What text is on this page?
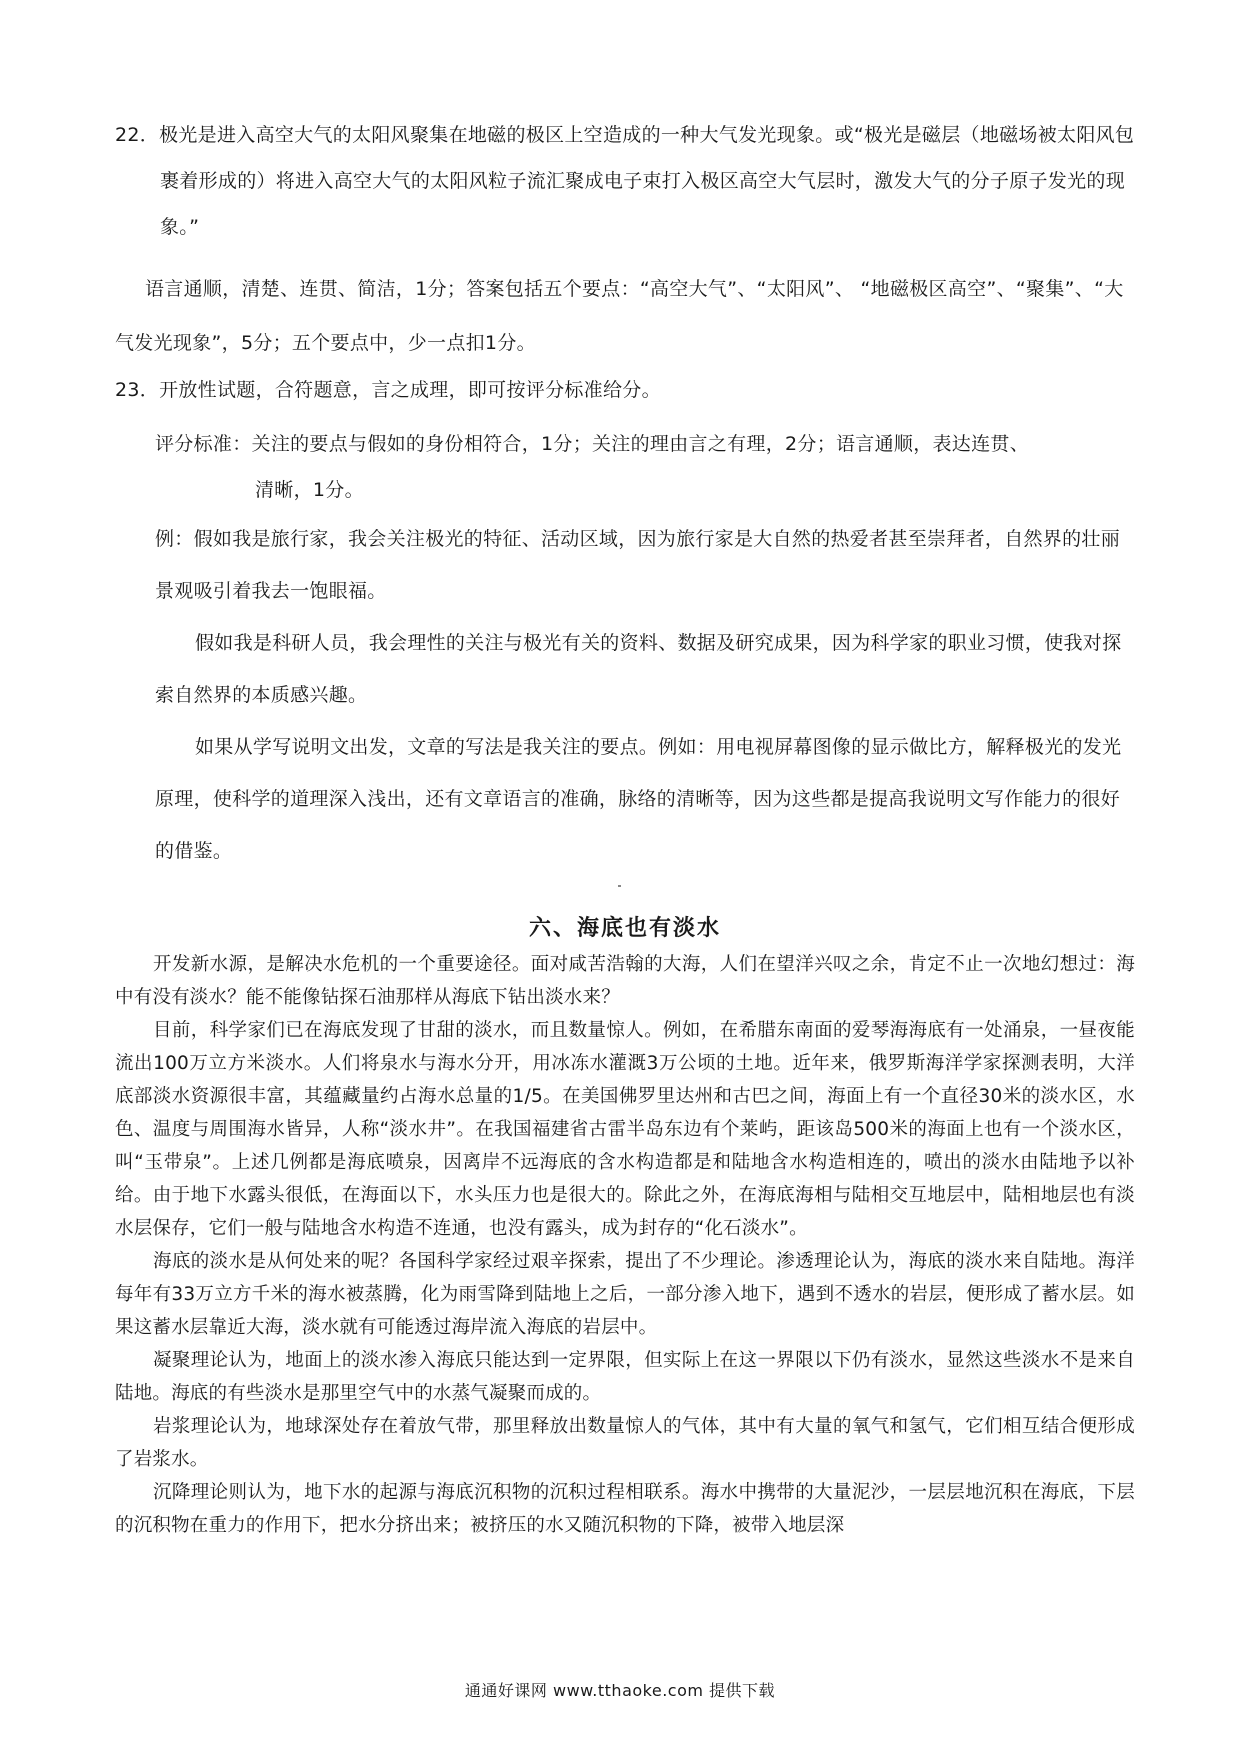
22．极光是进入高空大气的太阳风聚集在地磁的极区上空造成的一种大气发光现象。或“极光是磁层（地磁场被太阳风包裹着形成的）将进入高空大气的太阳风粒子流汇聚成电子束打入极区高空大气层时，激发大气的分子原子发光的现象。”

语言通顺，清楚、连贯、简洁，1分；答案包括五个要点：“高空大气”、“太阳风”、 “地磁极区高空”、“聚集”、“大气发光现象”，5分；五个要点中，少一点扣1分。

23．开放性试题，合符题意，言之成理，即可按评分标准给分。

评分标准：关注的要点与假如的身份相符合，1分；关注的理由言之有理，2分；语言通顺，表达连贯、
清晰，1分。

例：假如我是旅行家，我会关注极光的特征、活动区域，因为旅行家是大自然的热爱者甚至崇拜者，自然界的壮丽景观吸引着我去一饱眼福。

假如我是科研人员，我会理性的关注与极光有关的资料、数据及研究成果，因为科学家的职业习惯，使我对探索自然界的本质感兴趣。

如果从学写说明文出发，文章的写法是我关注的要点。例如：用电视屏幕图像的显示做比方，解释极光的发光原理，使科学的道理深入浅出，还有文章语言的准确，脉络的清晰等，因为这些都是提高我说明文写作能力的很好的借鉴。

六、海底也有淡水

开发新水源，是解决水危机的一个重要途径。面对咸苦浩翰的大海，人们在望洋兴叹之余，肯定不止一次地幻想过：海中有没有淡水？能不能像钻探石油那样从海底下钻出淡水来？

目前，科学家们已在海底发现了甘甜的淡水，而且数量惊人。例如，在希腊东南面的爱琴海海底有一处涌泉，一昼夜能流出100万立方米淡水。人们将泉水与海水分开，用冰冻水灌溉3万公顷的土地。近年来，俄罗斯海洋学家探测表明，大洋底部淡水资源很丰富，其蕴藏量约占海水总量的1/5。在美国佛罗里达州和古巴之间，海面上有一个直径30米的淡水区，水色、温度与周围海水皆异，人称“淡水井”。在我国福建省古雷半岛东边有个莱屿，距该岛500米的海面上也有一个淡水区，叫“玉带泉”。上述几例都是海底喷泉，因离岸不远海底的含水构造都是和陆地含水构造相连的，喷出的淡水由陆地予以补给。由于地下水露头很低，在海面以下，水头压力也是很大的。除此之外，在海底海相与陆相交互地层中，陆相地层也有淡水层保存，它们一般与陆地含水构造不连通，也没有露头，成为封存的“化石淡水”。

海底的淡水是从何处来的呢？各国科学家经过艰辛探索，提出了不少理论。渗透理论认为，海底的淡水来自陆地。海洋每年有33万立方千米的海水被蒸腾，化为雨雪降到陆地上之后，一部分渗入地下，遇到不透水的岩层，便形成了蓄水层。如果这蓄水层靠近大海，淡水就有可能透过海岸流入海底的岩层中。

凝聚理论认为，地面上的淡水渗入海底只能达到一定界限，但实际上在这一界限以下仍有淡水，显然这些淡水不是来自陆地。海底的有些淡水是那里空气中的水蒸气凝聚而成的。

岩浆理论认为，地球深处存在着放气带，那里释放出数量惊人的气体，其中有大量的氧气和氢气，它们相互结合便形成了岩浆水。

沉降理论则认为，地下水的起源与海底沉积物的沉积过程相联系。海水中携带的大量泥沙，一层层地沉积在海底，下层的沉积物在重力的作用下，把水分挤出来；被挤压的水又随沉积物的下降，被带入地层深

通通好课网 www.tthaoke.com 提供下载
